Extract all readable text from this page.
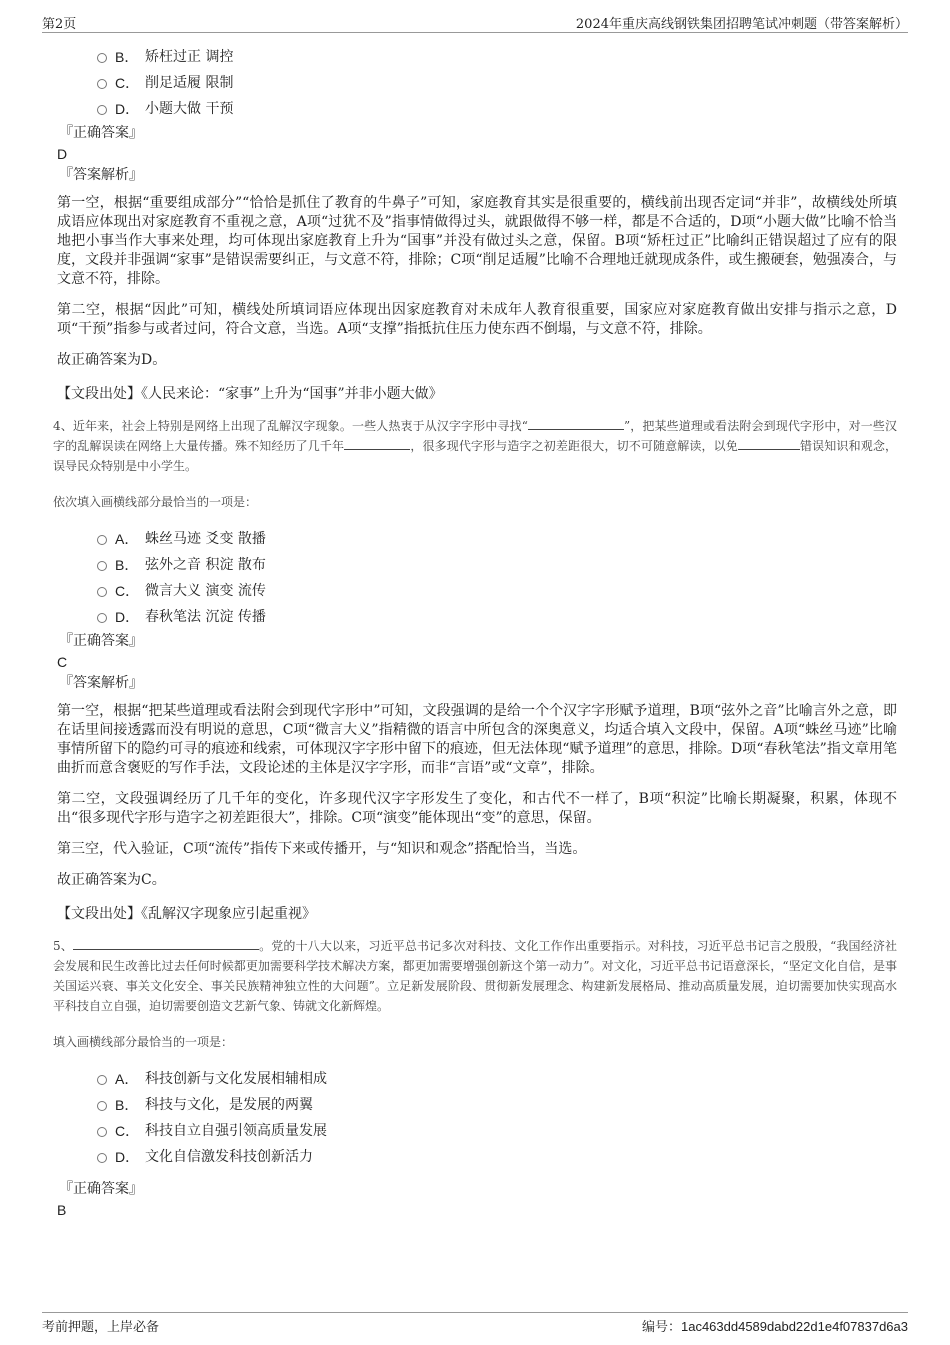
第2页	2024年重庆高线钢铁集团招聘笔试冲刺题（带答案解析）
B． 矫枉过正 调控
C． 削足适履 限制
D． 小题大做 干预
『正确答案』
D
『答案解析』

第一空，根据“重要组成部分”“恰恰是抓住了教育的牛鼻子”可知，家庭教育其实是很重要的，横线前出现否定词“并非”，故横线处所填成语应体现出对家庭教育不重视之意，A项“过犹不及”指事情做得过头，就跟做得不够一样，都是不合适的，D项“小题大做”比喻不恰当地把小事当作大事来处理，均可体现出家庭教育上升为“国事”并没有做过头之意，保留。B项“矫枉过正”比喻纠正错误超过了应有的限度，文段并非强调“家事”是错误需要纠正，与文意不符，排除；C项“削足适履”比喻不合理地迁就现成条件，或生搬硬套，勉强凑合，与文意不符，排除。

第二空，根据“因此”可知，横线处所填词语应体现出因家庭教育对未成年人教育很重要，国家应对家庭教育做出安排与指示之意，D项“干预”指参与或者过问，符合文意，当选。A项“支撑”指抵抗住压力使东西不倒塌，与文意不符，排除。

故正确答案为D。

【文段出处】《人民来论：“家事”上升为“国事”并非小题大做》
4、近年来，社会上特别是网络上出现了乱解汉字现象。一些人热衷于从汉字字形中寻找“	”，把某些道理或看法附会到现代字形中，对一些汉字的乱解误读在网络上大量传播。殊不知经历了几千年	，很多现代字形与造字之初差距很大，切不可随意解读，以免	错误知识和观念，误导民众特别是中小学生。
依次填入画横线部分最恰当的一项是：
A． 蛛丝马迹 爻变 散播
B． 弦外之音 积淀 散布
C． 微言大义 演变 流传
D． 春秋笔法 沉淀 传播
『正确答案』
C
『答案解析』

第一空，根据“把某些道理或看法附会到现代字形中”可知，文段强调的是给一个个汉字字形赋予道理，B项“弦外之音”比喻言外之意，即在话里间接透露而没有明说的意思，C项“微言大义”指精微的语言中所包含的深奥意义，均适合填入文段中，保留。A项“蛛丝马迹”比喻事情所留下的隐约可寻的痕迹和线索，可体现汉字字形中留下的痕迹，但无法体现“赋予道理”的意思，排除。D项“春秋笔法”指文章用笔曲折而意含褒贬的写作手法，文段论述的主体是汉字字形，而非“言语”或“文章”，排除。

第二空，文段强调经历了几千年的变化，许多现代汉字字形发生了变化，和古代不一样了，B项“积淀”比喻长期凝聚，积累，体现不出“很多现代字形与造字之初差距很大”，排除。C项“演变”能体现出“变”的意思，保留。

第三空，代入验证，C项“流传”指传下来或传播开，与“知识和观念”搭配恰当，当选。

故正确答案为C。

【文段出处】《乱解汉字现象应引起重视》
5、	。党的十八大以来，习近平总书记多次对科技、文化工作作出重要指示。对科技，习近平总书记言之殷殷，“我国经济社会发展和民生改善比过去任何时候都更加需要科学技术解决方案，都更加需要增强创新这个第一动力”。对文化，习近平总书记语意深长，“坚定文化自信，是事关国运兴衰、事关文化安全、事关民族精神独立性的大问题”。立足新发展阶段、贯彻新发展理念、构建新发展格局、推动高质量发展，迫切需要加快实现高水平科技自立自强，迫切需要创造文艺新气象、铸就文化新辉煌。
填入画横线部分最恰当的一项是：
A． 科技创新与文化发展相辅相成
B． 科技与文化，是发展的两翼
C． 科技自立自强引领高质量发展
D． 文化自信激发科技创新活力
『正确答案』
B
考前押题，上岸必备	编号：1ac463dd4589dabd22d1e4f07837d6a3
